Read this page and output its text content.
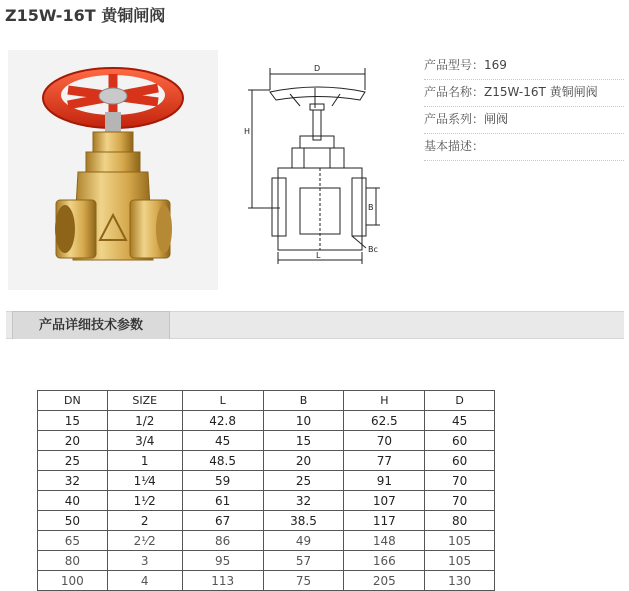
Z15W-16T 黄铜闸阀
D
H
B
Bc
L
产品型号：169
产品名称：Z15W-16T 黄铜闸阀
产品系列：闸阀
基本描述：
产品详细技术参数
DN	SIZE	L	B	H	D
15	1/2	42.8	10	62.5	45
20	3/4	45	15	70	60
25	1	48.5	20	77	60
32	1¹⁄4	59	25	91	70
40	1¹⁄2	61	32	107	70
50	2	67	38.5	117	80
65	2¹⁄2	86	49	148	105
80	3	95	57	166	105
100	4	113	75	205	130
